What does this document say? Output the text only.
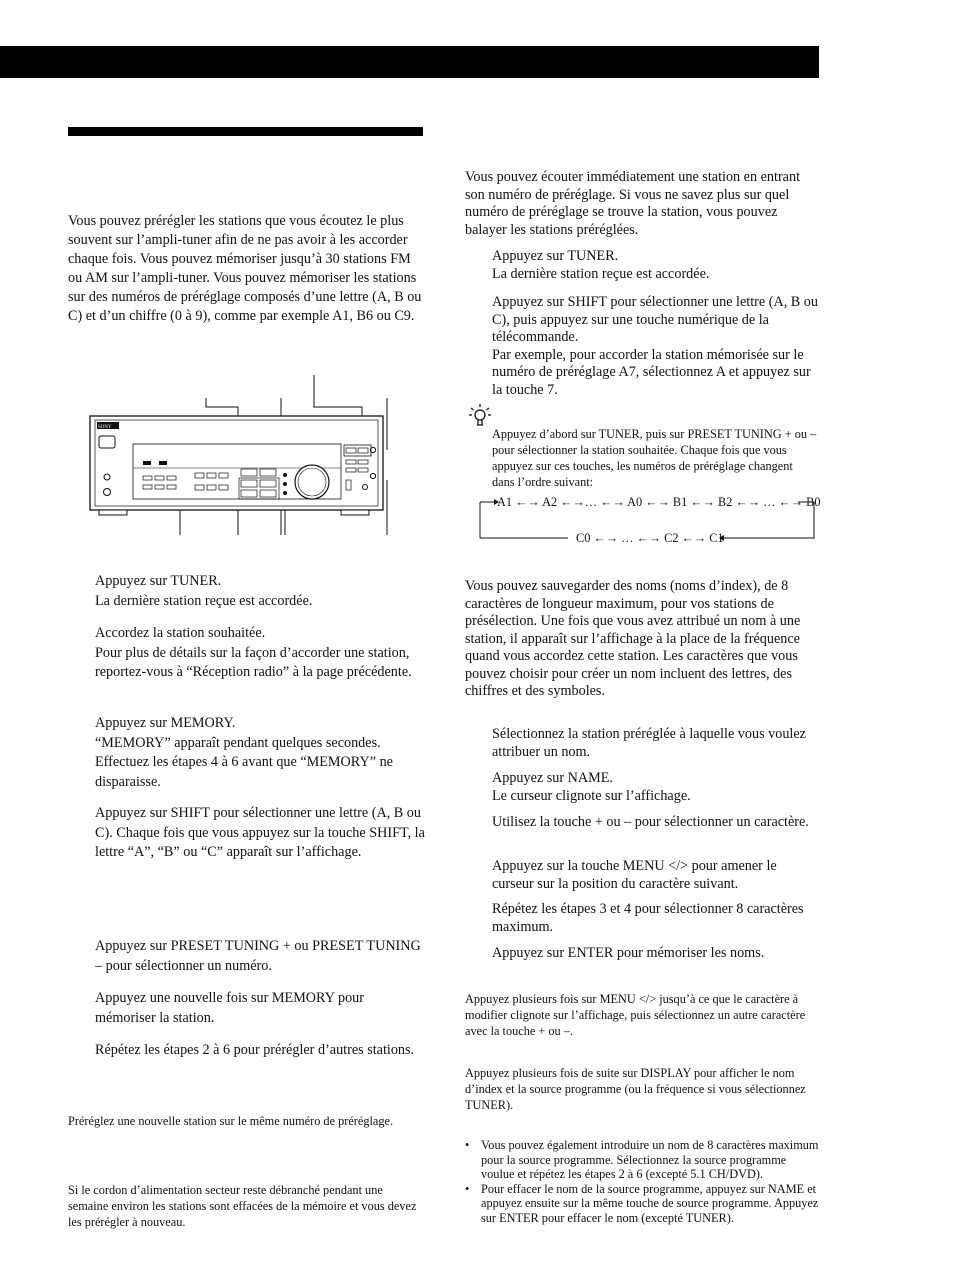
Vous pouvez prérégler les stations que vous écoutez le plus souvent sur l’ampli-tuner afin de ne pas avoir à les accorder chaque fois. Vous pouvez mémoriser jusqu’à 30 stations FM ou AM sur l’ampli-tuner. Vous pouvez mémoriser les stations sur des numéros de préréglage composés d’une lettre (A, B ou C) et d’un chiffre (0 à 9), comme par exemple A1, B6 ou C9.

SONY

Appuyez sur TUNER.
La dernière station reçue est accordée.

Accordez la station souhaitée.
Pour plus de détails sur la façon d’accorder une station, reportez-vous à “Réception radio” à la page précédente.

Appuyez sur MEMORY.
“MEMORY” apparaît pendant quelques secondes. Effectuez les étapes 4 à 6 avant que “MEMORY” ne disparaisse.

Appuyez sur SHIFT pour sélectionner une lettre (A, B ou C). Chaque fois que vous appuyez sur la touche SHIFT, la lettre “A”, “B” ou “C” apparaît sur l’affichage.

Appuyez sur PRESET TUNING + ou PRESET TUNING – pour sélectionner un numéro.

Appuyez une nouvelle fois sur MEMORY pour mémoriser la station.

Répétez les étapes 2 à 6 pour prérégler d’autres stations.

Préréglez une nouvelle station sur le même numéro de préréglage.

Si le cordon d’alimentation secteur reste débranché pendant une semaine environ les stations sont effacées de la mémoire et vous devez les prérégler à nouveau.

Vous pouvez écouter immédiatement une station en entrant son numéro de préréglage. Si vous ne savez plus sur quel numéro de préréglage se trouve la station, vous pouvez balayer les stations préréglées.

Appuyez sur TUNER.
La dernière station reçue est accordée.

Appuyez sur SHIFT pour sélectionner une lettre (A, B ou C), puis appuyez sur une touche numérique de la télécommande.
Par exemple, pour accorder la station mémorisée sur le numéro de préréglage A7, sélectionnez A et appuyez sur la touche 7.

Appuyez d’abord sur TUNER, puis sur PRESET TUNING + ou – pour sélectionner la station souhaitée. Chaque fois que vous appuyez sur ces touches, les numéros de préréglage changent dans l’ordre suivant:

A1 ←→ A2 ←→… ←→ A0 ←→ B1 ←→ B2 ←→ … ←→ B0
C0 ←→ … ←→ C2 ←→ C1

Vous pouvez sauvegarder des noms (noms d’index), de 8 caractères de longueur maximum, pour vos stations de présélection. Une fois que vous avez attribué un nom à une station, il apparaît sur l’affichage à la place de la fréquence quand vous accordez cette station. Les caractères que vous pouvez choisir pour créer un nom incluent des lettres, des chiffres et des symboles.

Sélectionnez la station préréglée à laquelle vous voulez attribuer un nom.

Appuyez sur NAME.
Le curseur clignote sur l’affichage.

Utilisez la touche + ou – pour sélectionner un caractère.

Appuyez sur la touche MENU </> pour amener le curseur sur la position du caractère suivant.

Répétez les étapes 3 et 4 pour sélectionner 8 caractères maximum.

Appuyez sur ENTER pour mémoriser les noms.

Appuyez plusieurs fois sur MENU </> jusqu’à ce que le caractère à modifier clignote sur l’affichage, puis sélectionnez un autre caractère avec la touche + ou –.

Appuyez plusieurs fois de suite sur DISPLAY pour afficher le nom d’index et la source programme (ou la fréquence si vous sélectionnez TUNER).

• Vous pouvez également introduire un nom de 8 caractères maximum pour la source programme. Sélectionnez la source programme voulue et répétez les étapes 2 à 6 (excepté 5.1 CH/DVD).
• Pour effacer le nom de la source programme, appuyez sur NAME et appuyez ensuite sur la même touche de source programme. Appuyez sur ENTER pour effacer le nom (excepté TUNER).
